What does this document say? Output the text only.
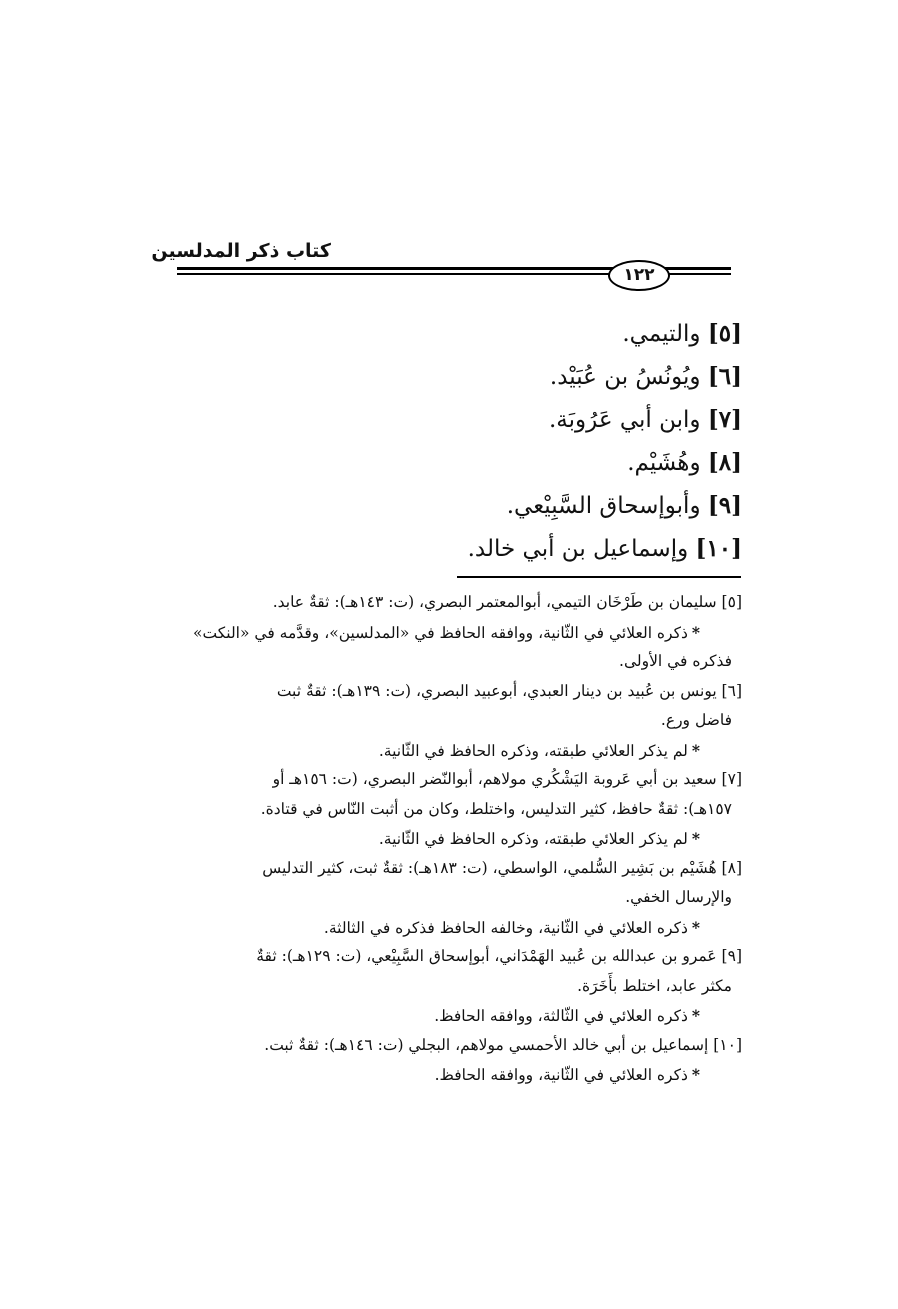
كتاب ذكر المدلسين
١٢٢
[٥] والتيمي.
[٦] ويُونُسُ بن عُبَيْد.
[٧] وابن أبي عَرُوبَة.
[٨] وهُشَيْم.
[٩] وأبوإسحاق السَّبِيْعي.
[١٠] وإسماعيل بن أبي خالد.
[٥] سليمان بن طَرْخَان التيمي، أبوالمعتمر البصري، (ت: ١٤٣هـ): ثقةٌ عابد.
*ذكره العلائي في الثّانية، ووافقه الحافظ في «المدلسين»، وقدَّمه في «النكت»
فذكره في الأولى.
[٦] يونس بن عُبيد بن دينار العبدي، أبوعبيد البصري، (ت: ١٣٩هـ): ثقةٌ ثبت
فاضل ورع.
*لم يذكر العلائي طبقته، وذكره الحافظ في الثّانية.
[٧] سعيد بن أبي عَروبة اليَشْكُري مولاهم، أبوالنّضر البصري، (ت: ١٥٦هـ أو
١٥٧هـ): ثقةٌ حافظ، كثير التدليس، واختلط، وكان من أثبت النّاس في قتادة.
*لم يذكر العلائي طبقته، وذكره الحافظ في الثّانية.
[٨] هُشَيْم بن بَشِير السُّلمي، الواسطي، (ت: ١٨٣هـ): ثقةٌ ثبت، كثير التدليس
والإرسال الخفي.
*ذكره العلائي في الثّانية، وخالفه الحافظ فذكره في الثالثة.
[٩] عَمرو بن عبدالله بن عُبيد الهَمْدَاني، أبوإسحاق السَّبِيْعي، (ت: ١٢٩هـ): ثقةٌ
مكثر عابد، اختلط بأَخَرَة.
*ذكره العلائي في الثّالثة، ووافقه الحافظ.
[١٠] إسماعيل بن أبي خالد الأحمسي مولاهم، البجلي (ت: ١٤٦هـ): ثقةٌ ثبت.
*ذكره العلائي في الثّانية، ووافقه الحافظ.
